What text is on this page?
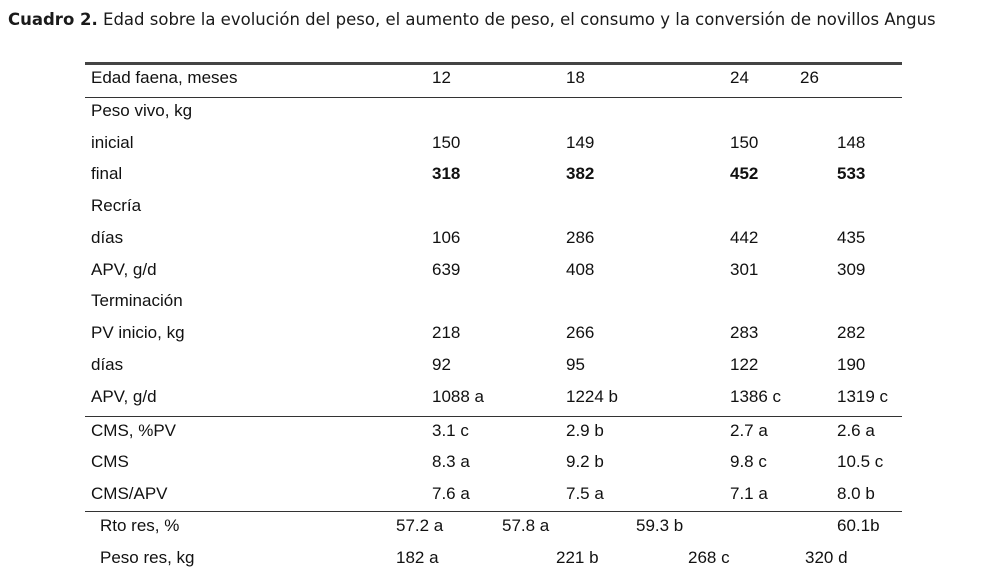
Cuadro 2. Edad sobre la evolución del peso, el aumento de peso, el consumo y la conversión de novillos Angus
Edad faena, meses	12	18	24	26
Peso vivo, kg
inicial	150	149	150	148
final	318	382	452	533
Recría
días	106	286	442	435
APV, g/d	639	408	301	309
Terminación
PV inicio, kg	218	266	283	282
días	92	95	122	190
APV, g/d	1088 a	1224 b	1386 c	1319 c
CMS, %PV	3.1 c	2.9 b	2.7 a	2.6 a
CMS	8.3 a	9.2 b	9.8 c	10.5 c
CMS/APV	7.6 a	7.5 a	7.1 a	8.0 b
Rto res, %	57.2 a	57.8 a	59.3 b	60.1b
Peso res, kg	182 a	221 b	268 c	320 d
